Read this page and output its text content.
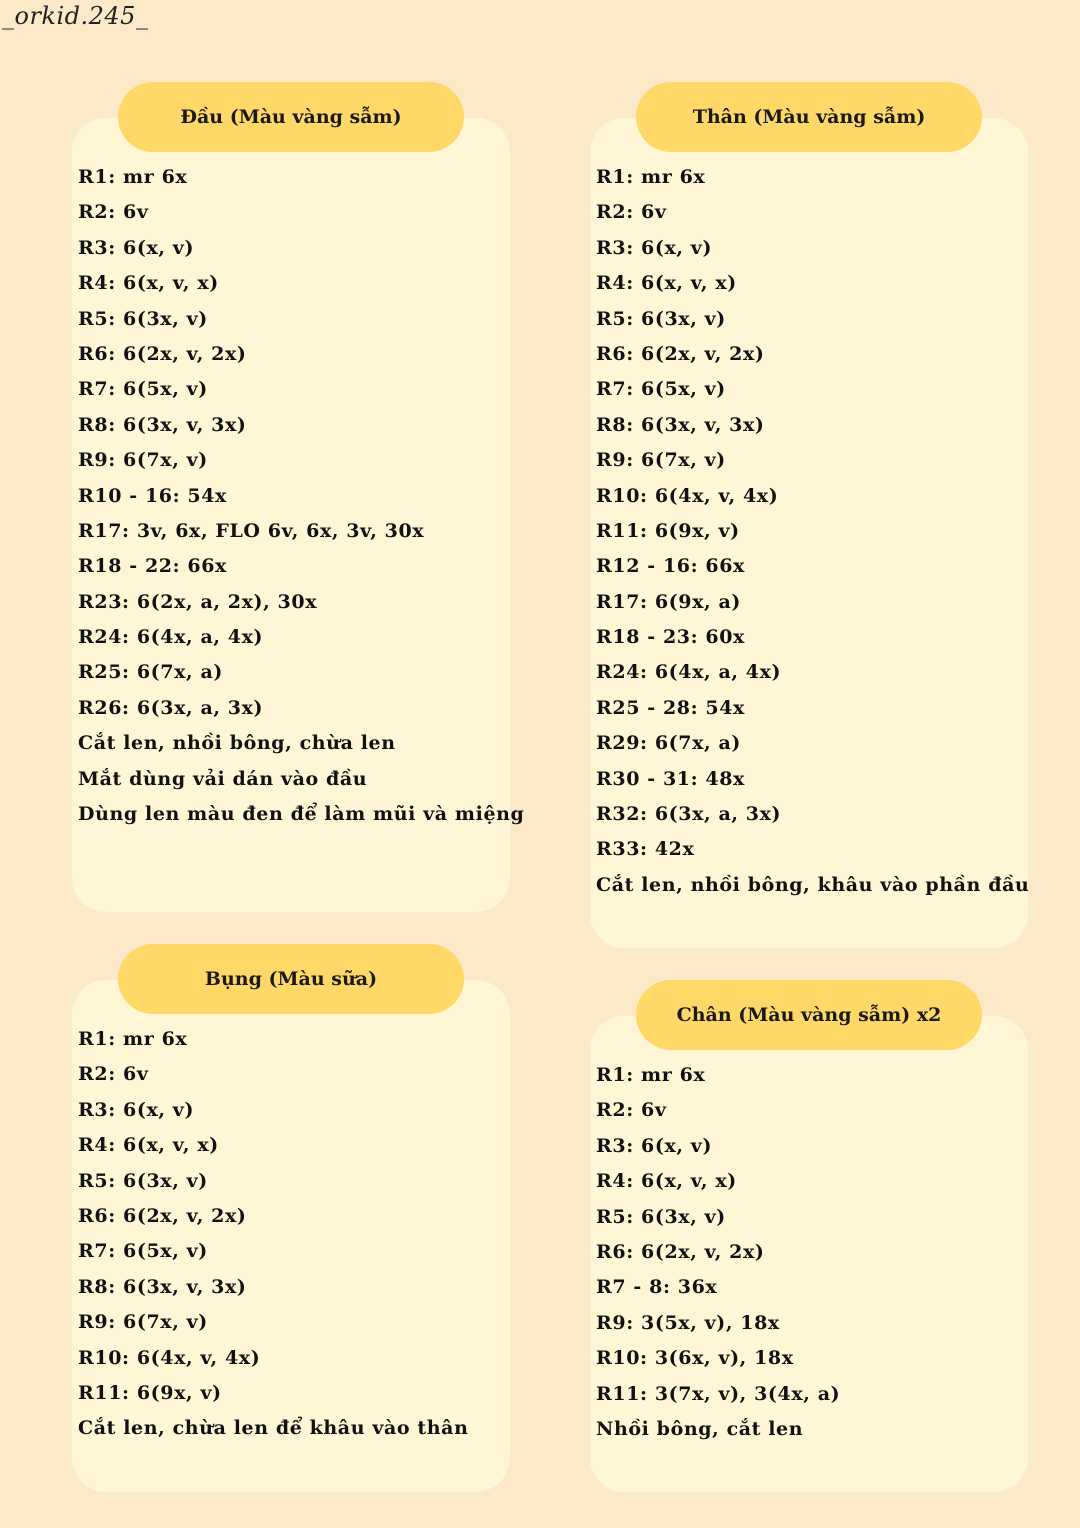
_orkid.245_
Đầu (Màu vàng sẫm)
R1: mr 6x
R2: 6v
R3: 6(x, v)
R4: 6(x, v, x)
R5: 6(3x, v)
R6: 6(2x, v, 2x)
R7: 6(5x, v)
R8: 6(3x, v, 3x)
R9: 6(7x, v)
R10 - 16: 54x
R17: 3v, 6x, FLO 6v, 6x, 3v, 30x
R18 - 22: 66x
R23: 6(2x, a, 2x), 30x
R24: 6(4x, a, 4x)
R25: 6(7x, a)
R26: 6(3x, a, 3x)
Cắt len, nhồi bông, chừa len
Mắt dùng vải dán vào đầu
Dùng len màu đen để làm mũi và miệng
Thân (Màu vàng sẫm)
R1: mr 6x
R2: 6v
R3: 6(x, v)
R4: 6(x, v, x)
R5: 6(3x, v)
R6: 6(2x, v, 2x)
R7: 6(5x, v)
R8: 6(3x, v, 3x)
R9: 6(7x, v)
R10: 6(4x, v, 4x)
R11: 6(9x, v)
R12 - 16: 66x
R17: 6(9x, a)
R18 - 23: 60x
R24: 6(4x, a, 4x)
R25 - 28: 54x
R29: 6(7x, a)
R30 - 31: 48x
R32: 6(3x, a, 3x)
R33: 42x
Cắt len, nhồi bông, khâu vào phần đầu
Bụng (Màu sữa)
R1: mr 6x
R2: 6v
R3: 6(x, v)
R4: 6(x, v, x)
R5: 6(3x, v)
R6: 6(2x, v, 2x)
R7: 6(5x, v)
R8: 6(3x, v, 3x)
R9: 6(7x, v)
R10: 6(4x, v, 4x)
R11: 6(9x, v)
Cắt len, chừa len để khâu vào thân
Chân (Màu vàng sẫm) x2
R1: mr 6x
R2: 6v
R3: 6(x, v)
R4: 6(x, v, x)
R5: 6(3x, v)
R6: 6(2x, v, 2x)
R7 - 8: 36x
R9: 3(5x, v), 18x
R10: 3(6x, v), 18x
R11: 3(7x, v), 3(4x, a)
Nhồi bông, cắt len
